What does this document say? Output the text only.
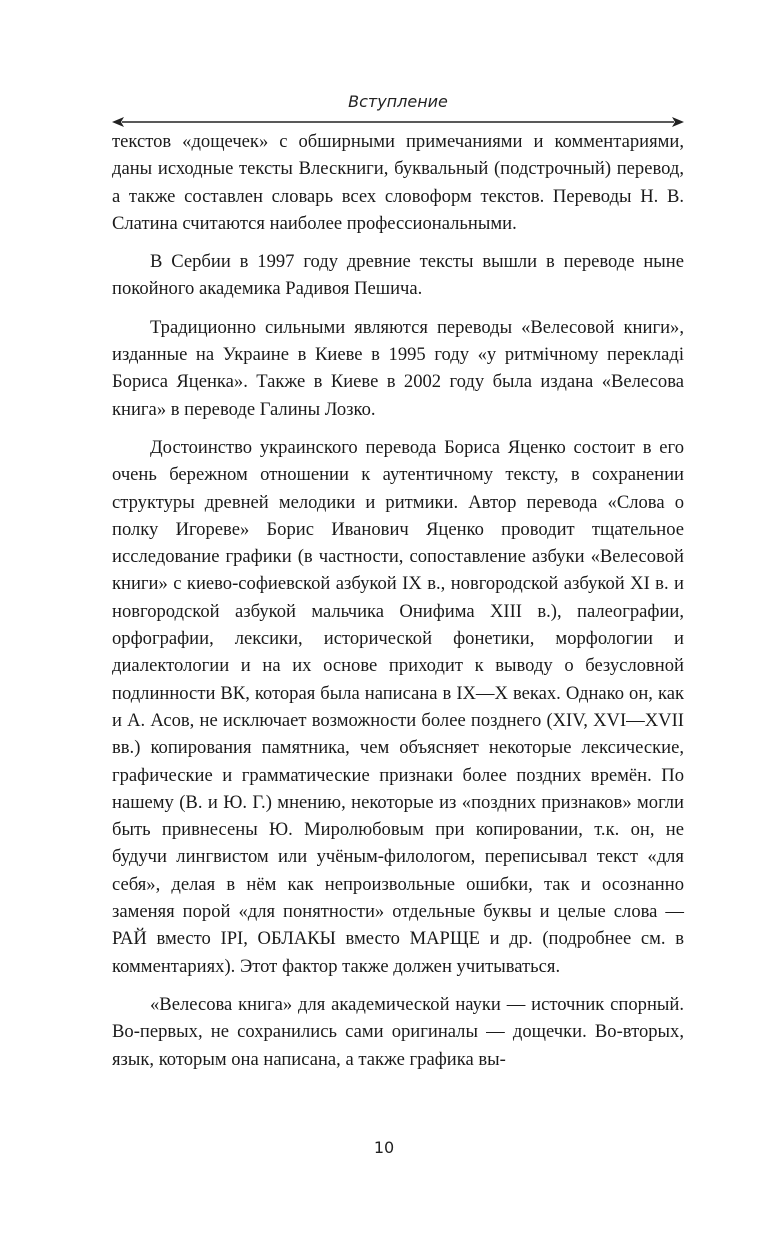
Вступление

текстов «дощечек» с обширными примечаниями и комментариями, даны исходные тексты Влескниги, буквальный (подстрочный) перевод, а также составлен словарь всех словоформ текстов. Переводы Н. В. Слатина считаются наиболее профессиональными.

В Сербии в 1997 году древние тексты вышли в переводе ныне покойного академика Радивоя Пешича.

Традиционно сильными являются переводы «Велесовой книги», изданные на Украине в Киеве в 1995 году «у ритмічному перекладі Бориса Яценка». Также в Киеве в 2002 году была издана «Велесова книга» в переводе Галины Лозко.

Достоинство украинского перевода Бориса Яценко состоит в его очень бережном отношении к аутентичному тексту, в сохранении структуры древней мелодики и ритмики. Автор перевода «Слова о полку Игореве» Борис Иванович Яценко проводит тщательное исследование графики (в частности, сопоставление азбуки «Велесовой книги» с киево-софиевской азбукой IX в., новгородской азбукой XI в. и новгородской азбукой мальчика Онифима XIII в.), палеографии, орфографии, лексики, исторической фонетики, морфологии и диалектологии и на их основе приходит к выводу о безусловной подлинности ВК, которая была написана в IX—X веках. Однако он, как и А. Асов, не исключает возможности более позднего (XIV, XVI—XVII вв.) копирования памятника, чем объясняет некоторые лексические, графические и грамматические признаки более поздних времён. По нашему (В. и Ю. Г.) мнению, некоторые из «поздних признаков» могли быть привнесены Ю. Миролюбовым при копировании, т.к. он, не будучи лингвистом или учёным-филологом, переписывал текст «для себя», делая в нём как непроизвольные ошибки, так и осознанно заменяя порой «для понятности» отдельные буквы и целые слова — РАЙ вместо IРІ, ОБЛАКЫ вместо МАРЩЕ и др. (подробнее см. в комментариях). Этот фактор также должен учитываться.

«Велесова книга» для академической науки — источник спорный. Во-первых, не сохранились сами оригиналы — дощечки. Во-вторых, язык, которым она написана, а также графика вы-

10
